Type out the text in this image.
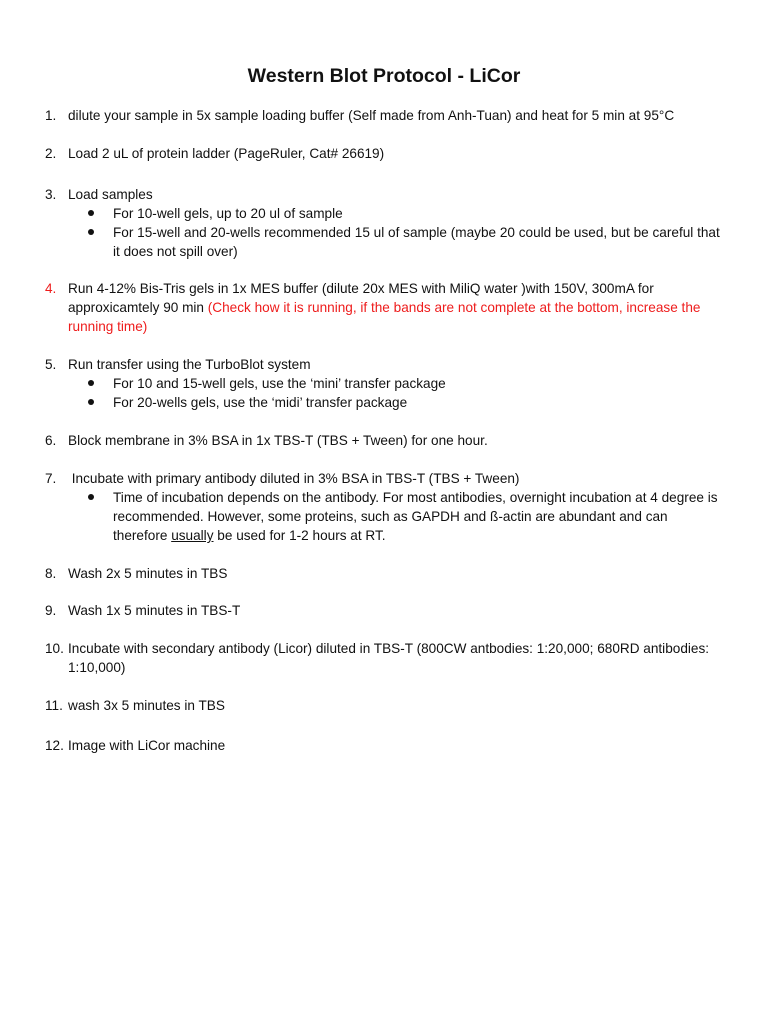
Western Blot Protocol - LiCor
1. dilute your sample in 5x sample loading buffer (Self made from Anh-Tuan) and heat for 5 min at 95°C
2. Load 2 uL of protein ladder (PageRuler, Cat# 26619)
3. Load samples
For 10-well gels, up to 20 ul of sample
For 15-well and 20-wells recommended 15 ul of sample (maybe 20 could be used, but be careful that it does not spill over)
4. Run 4-12% Bis-Tris gels in 1x MES buffer (dilute 20x MES with MiliQ water )with 150V, 300mA for approxicamtely 90 min (Check how it is running, if the bands are not complete at the bottom, increase the running time)
5. Run transfer using the TurboBlot system
For 10 and 15-well gels, use the ‘mini’ transfer package
For 20-wells gels, use the ‘midi’ transfer package
6. Block membrane in 3% BSA in 1x TBS-T (TBS + Tween) for one hour.
7. Incubate with primary antibody diluted in 3% BSA in TBS-T (TBS + Tween)
Time of incubation depends on the antibody. For most antibodies, overnight incubation at 4 degree is recommended. However, some proteins, such as GAPDH and ß-actin are abundant and can therefore usually be used for 1-2 hours at RT.
8. Wash 2x 5 minutes in TBS
9. Wash 1x 5 minutes in TBS-T
10. Incubate with secondary antibody (Licor) diluted in TBS-T (800CW antbodies: 1:20,000; 680RD antibodies: 1:10,000)
11. wash 3x 5 minutes in TBS
12. Image with LiCor machine
